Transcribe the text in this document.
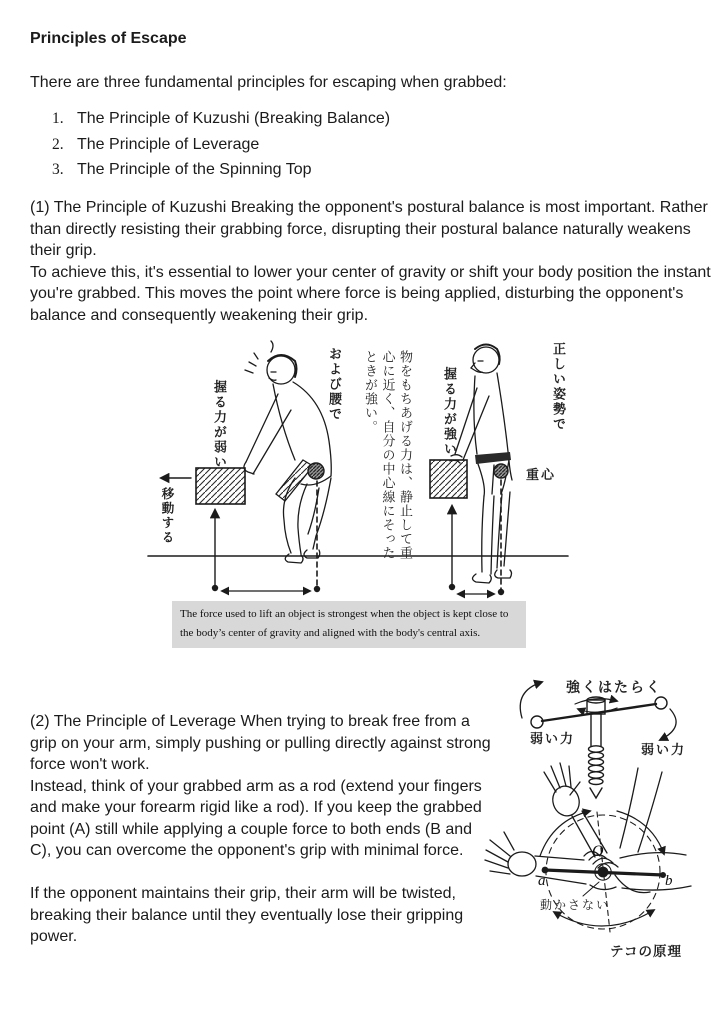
Principles of Escape
There are three fundamental principles for escaping when grabbed:
1. The Principle of Kuzushi (Breaking Balance)
2. The Principle of Leverage
3. The Principle of the Spinning Top
(1) The Principle of Kuzushi Breaking the opponent's postural balance is most important. Rather than directly resisting their grabbing force, disrupting their postural balance naturally weakens their grip.
To achieve this, it's essential to lower your center of gravity or shift your body position the instant you're grabbed. This moves the point where force is being applied, disturbing the opponent's balance and consequently weakening their grip.
握る力が弱い	および腰で
移動する	物をもちあげる力は、静止して重心に近く、自分の中心線にそったときが強い。	握る力が強い	正しい姿勢で
重心
The force used to lift an object is strongest when the object is kept close to the body’s center of gravity and aligned with the body's central axis.
(2) The Principle of Leverage When trying to break free from a grip on your arm, simply pushing or pulling directly against strong force won't work.
Instead, think of your grabbed arm as a rod (extend your fingers and make your forearm rigid like a rod). If you keep the grabbed point (A) still while applying a couple force to both ends (B and C), you can overcome the opponent's grip with minimal force.
If the opponent maintains their grip, their arm will be twisted, breaking their balance until they eventually lose their gripping power.
強くはたらく
弱い力
弱い力
a
O
b
動かさない
テコの原理
